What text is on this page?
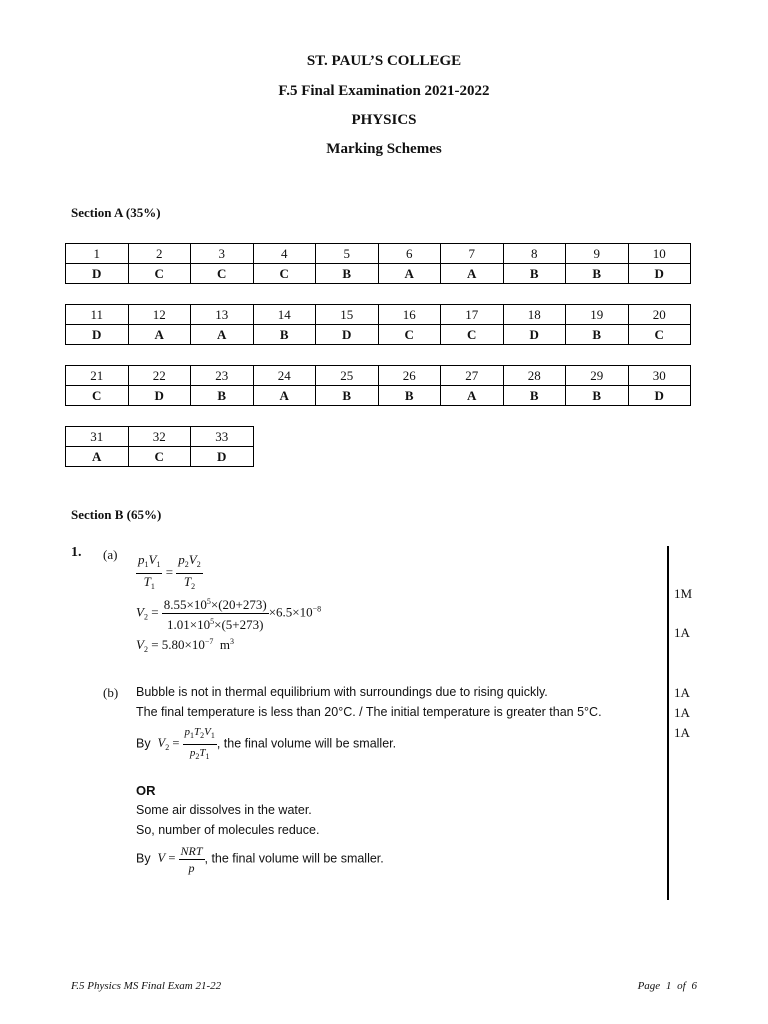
ST. PAUL’S COLLEGE
F.5 Final Examination 2021-2022
PHYSICS
Marking Schemes
Section A (35%)
1	2	3	4	5	6	7	8	9	10
D	C	C	C	B	A	A	B	B	D
11	12	13	14	15	16	17	18	19	20
D	A	A	B	D	C	C	D	B	C
21	22	23	24	25	26	27	28	29	30
C	D	B	A	B	B	A	B	B	D
31	32	33
A	C	D
Section B (65%)
1. $(a) \frac{p_1V_1}{T_1} = \frac{p_2V_2}{T_2}$
$V_2 = \frac{8.55\times 10^5\times(20+273)}{1.01\times 10^5\times(5+273)} \times 6.5\times 10^{-8}$
$V_2 = 5.80\times 10^{-7}$ $m^3$
(b) Bubble is not in thermal equilibrium with surroundings due to rising quickly.
The final temperature is less than 20°C. / The initial temperature is greater than 5°C.
By $V_2 = \frac{p_1T_2V_1}{p_2T_1}$ , the final volume will be smaller.
OR
Some air dissolves in the water.
So, number of molecules reduce.
By $V = \frac{\text{NRT}}{p}$ , the final volume will be smaller.
1M
1A
1A
1A
1A
F.5 Physics MS Final Exam 21-22	Page 1 of 6
